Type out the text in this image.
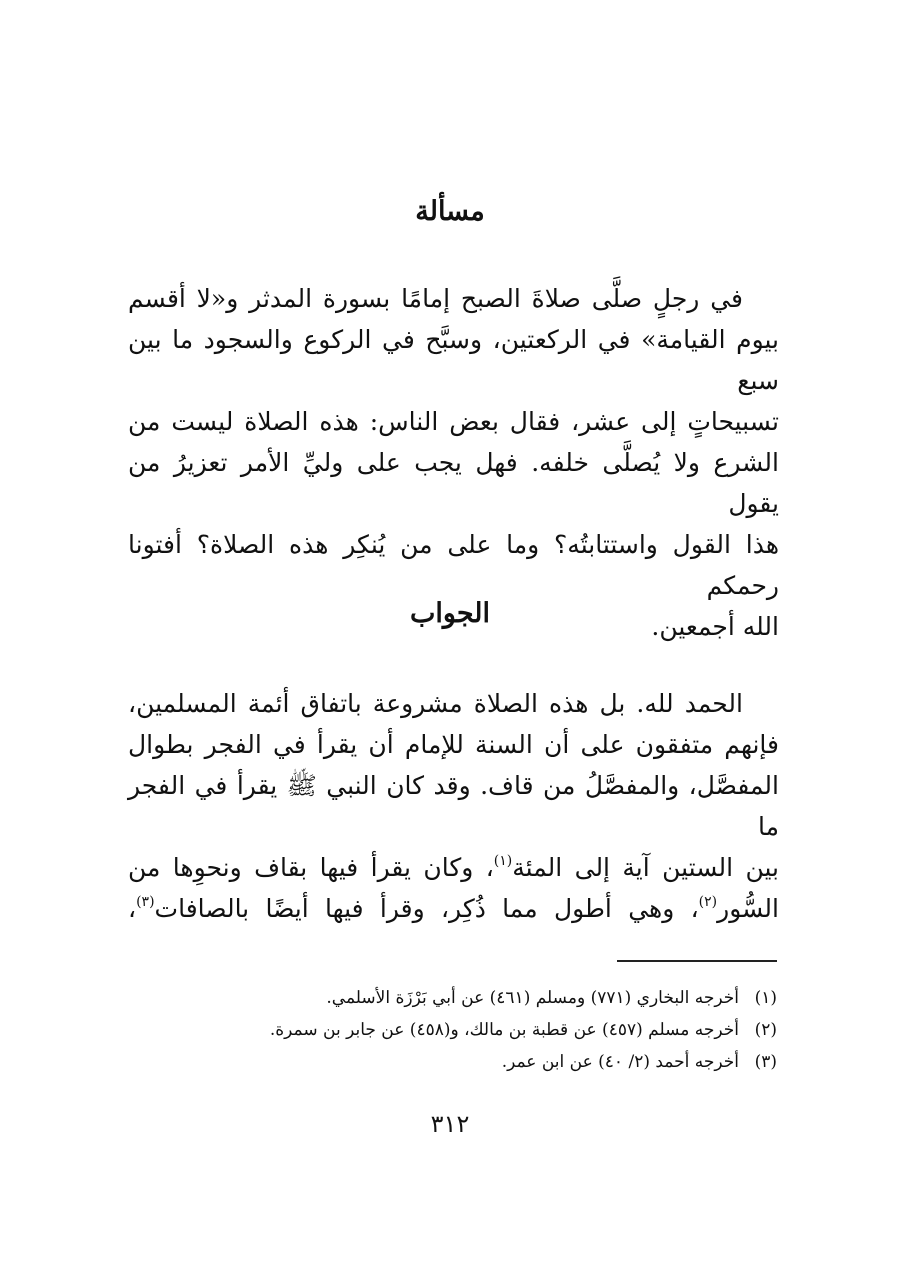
مسألة
في رجلٍ صلَّى صلاةَ الصبح إمامًا بسورة المدثر و«لا أقسم
بيوم القيامة» في الركعتين، وسبَّح في الركوع والسجود ما بين سبع
تسبيحاتٍ إلى عشر، فقال بعض الناس: هذه الصلاة ليست من
الشرع ولا يُصلَّى خلفه. فهل يجب على وليِّ الأمر تعزيرُ من يقول
هذا القول واستتابتُه؟ وما على من يُنكِر هذه الصلاة؟ أفتونا رحمكم
الله أجمعين.
الجواب
الحمد لله. بل هذه الصلاة مشروعة باتفاق أئمة المسلمين،
فإنهم متفقون على أن السنة للإمام أن يقرأ في الفجر بطوال
المفصَّل، والمفصَّلُ من قاف. وقد كان النبي ﷺ يقرأ في الفجر ما
بين الستين آية إلى المئة$^{(١)}$، وكان يقرأ فيها بقاف ونحوِها من
السُّور$^{(٢)}$، وهي أطول مما ذُكِر، وقرأ فيها أيضًا بالصافات$^{(٣)}$،
(١)أخرجه البخاري (٧٧١) ومسلم (٤٦١) عن أبي بَرْزَة الأسلمي.
(٢)أخرجه مسلم (٤٥٧) عن قطبة بن مالك، و(٤٥٨) عن جابر بن سمرة.
(٣)أخرجه أحمد (٢/ ٤٠) عن ابن عمر.
٣١٢
